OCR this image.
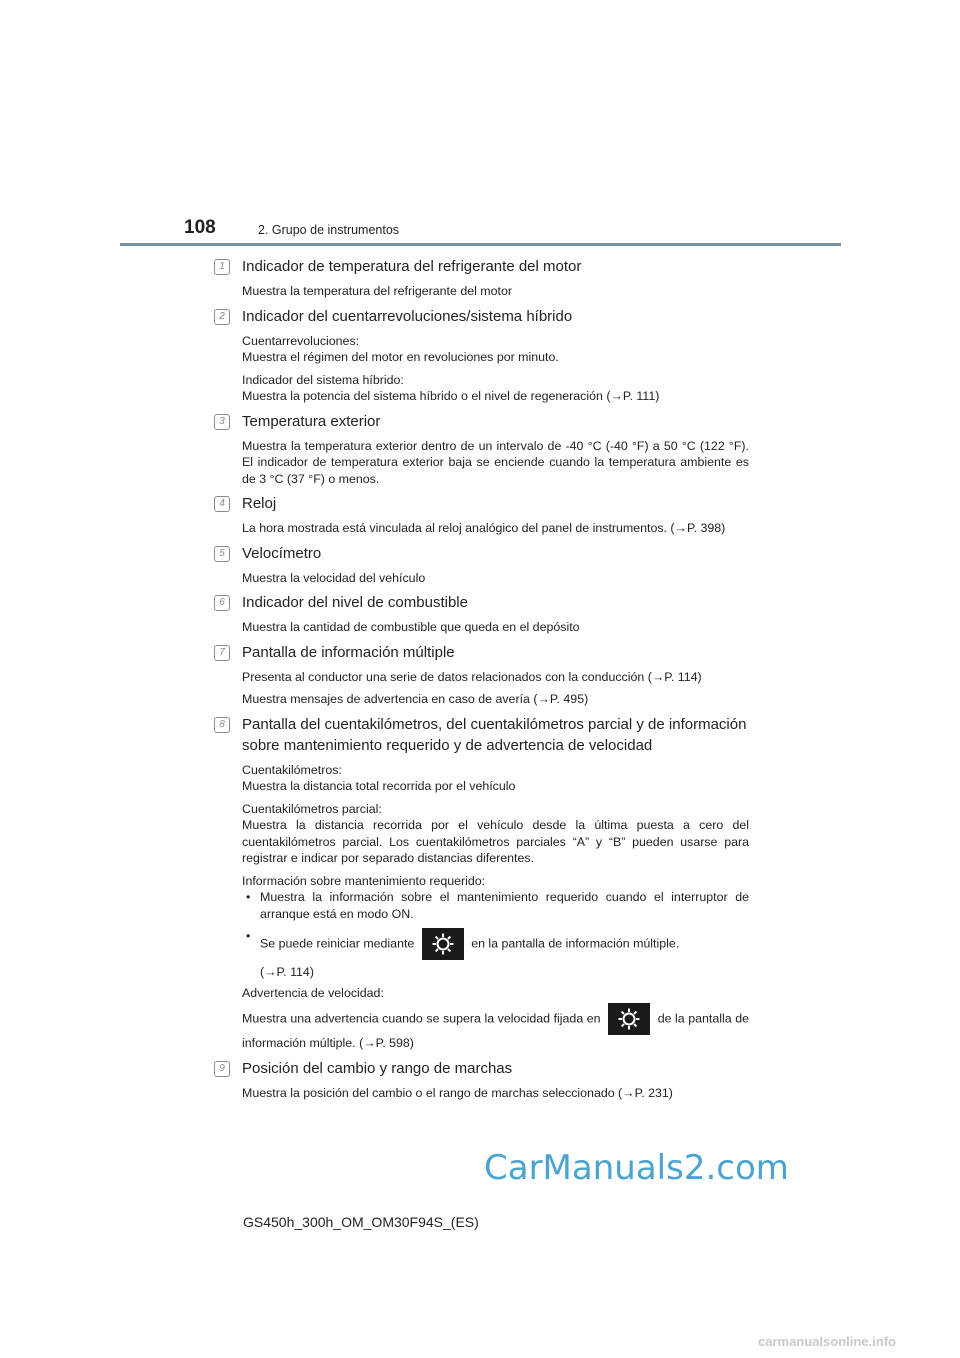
108	2. Grupo de instrumentos
1	Indicador de temperatura del refrigerante del motor

Muestra la temperatura del refrigerante del motor

2	Indicador del cuentarrevoluciones/sistema híbrido

Cuentarrevoluciones:

Muestra el régimen del motor en revoluciones por minuto.

Indicador del sistema híbrido:

Muestra la potencia del sistema híbrido o el nivel de regeneración (→P. 111)

3	Temperatura exterior

Muestra la temperatura exterior dentro de un intervalo de -40 °C (-40 °F) a 50 °C (122 °F). El indicador de temperatura exterior baja se enciende cuando la temperatura ambiente es de 3 °C (37 °F) o menos.

4	Reloj

La hora mostrada está vinculada al reloj analógico del panel de instrumentos. (→P. 398)

5	Velocímetro

Muestra la velocidad del vehículo

6	Indicador del nivel de combustible

Muestra la cantidad de combustible que queda en el depósito

7	Pantalla de información múltiple

Presenta al conductor una serie de datos relacionados con la conducción (→P. 114)

Muestra mensajes de advertencia en caso de avería (→P. 495)

8	Pantalla del cuentakilómetros, del cuentakilómetros parcial y de información sobre mantenimiento requerido y de advertencia de velocidad

Cuentakilómetros:

Muestra la distancia total recorrida por el vehículo

Cuentakilómetros parcial:

Muestra la distancia recorrida por el vehículo desde la última puesta a cero del cuentakilómetros parcial. Los cuentakilómetros parciales “A” y “B” pueden usarse para registrar e indicar por separado distancias diferentes.

Información sobre mantenimiento requerido:

• Muestra la información sobre el mantenimiento requerido cuando el interruptor de arranque está en modo ON.
•
Se puede reiniciar mediante	en la pantalla de información múltiple.
(→P. 114)

Advertencia de velocidad:

Muestra una advertencia cuando se supera la velocidad fijada en	de la pantalla de información múltiple. (→P. 598)

9	Posición del cambio y rango de marchas

Muestra la posición del cambio o el rango de marchas seleccionado (→P. 231)

CarManuals2.com
GS450h_300h_OM_OM30F94S_(ES)
carmanualsonline.info
